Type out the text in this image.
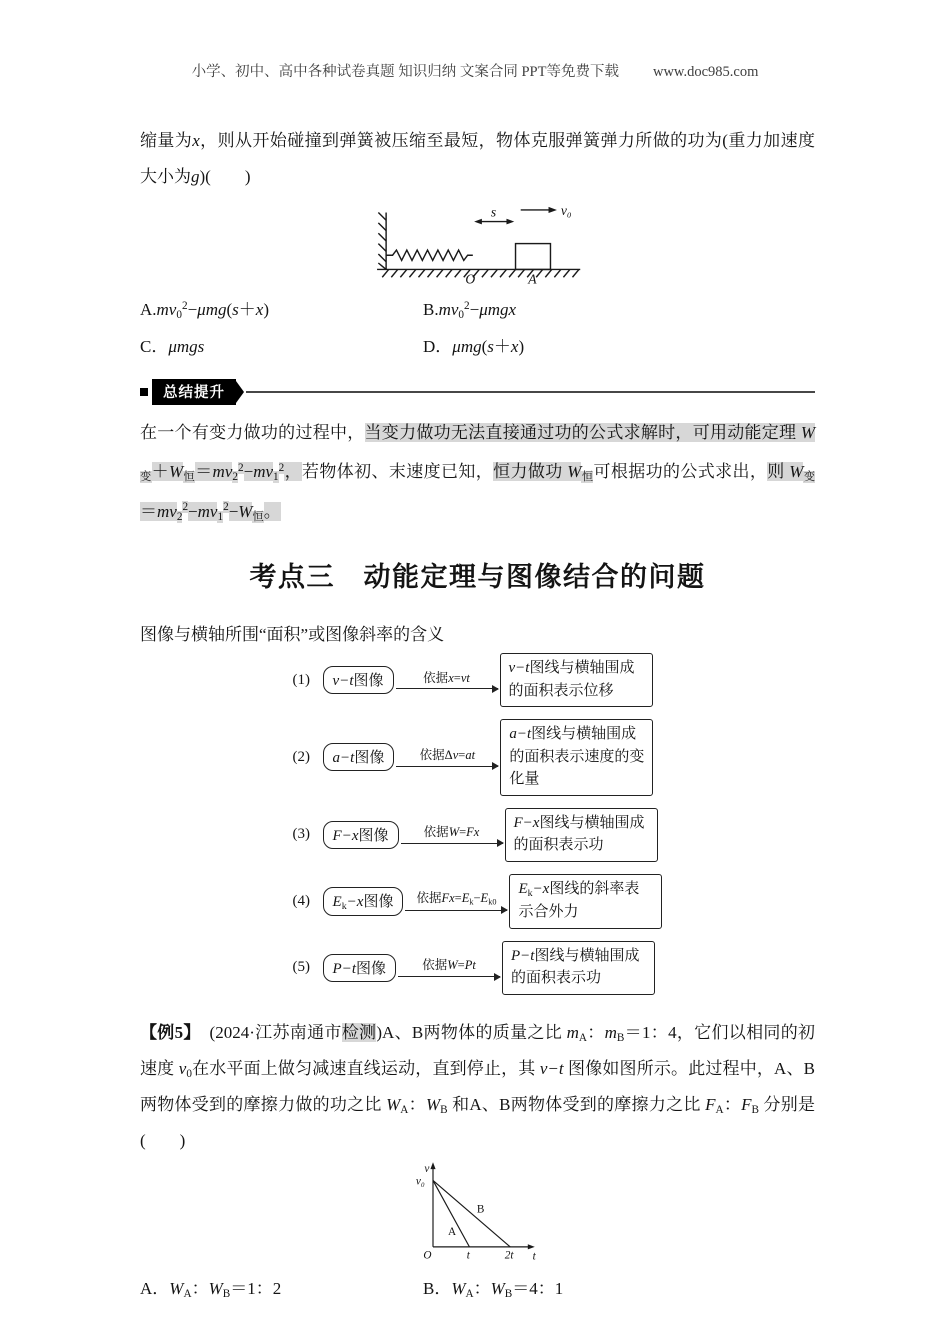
小学、初中、高中各种试卷真题 知识归纳 文案合同 PPT等免费下载 www.doc985.com

缩量为x，则从开始碰撞到弹簧被压缩至最短，物体克服弹簧弹力所做的功为(重力加速度大小为g)(　　)

s	v₀
O	A
$A.mv_0^2-\mu mg(s+x)$	$B.mv_0^2-\mu mgx$
C．μmgs	D．μmg(s＋x)
总结提升

在一个有变力做功的过程中，当变力做功无法直接通过功的公式求解时，可用动能定理 $W_变+W_恒=mv_2^2-mv_1^2$，若物体初、末速度已知，恒力做功 $W_恒$可根据功的公式求出，则 $W_变=mv_2^2-mv_1^2-W_恒$。

考点三　动能定理与图像结合的问题

图像与横轴所围“面积”或图像斜率的含义

(1)	v−t图像	依据x=vt
v−t图线与横轴围成的面积表示位移
(2)	a−t图像	依据Δv=at
a−t图线与横轴围成的面积表示速度的变化量
(3)	F−x图像	依据W=Fx
F−x图线与横轴围成的面积表示功
(4)	$E_k-x$图像	依据$Fx=E_k-E_{k0}$
$E_k-x$图线的斜率表示合外力
(5)	P−t图像	依据W=Pt
P−t图线与横轴围成的面积表示功

【例5】　(2024·江苏南通市检测)A、B两物体的质量之比 $m_A$：$m_B=1$：4，它们以相同的初速度 $v_0$在水平面上做匀减速直线运动，直到停止，其 v−t 图像如图所示。此过程中，A、B两物体受到的摩擦力做的功之比 $W_A$：$W_B$ 和A、B两物体受到的摩擦力之比 $F_A$：$F_B$ 分别是(　　)

v
v₀
A
B
O	t	2t t
A．$W_A$：$W_B=1$：2	B．$W_A$：$W_B=4$：1
